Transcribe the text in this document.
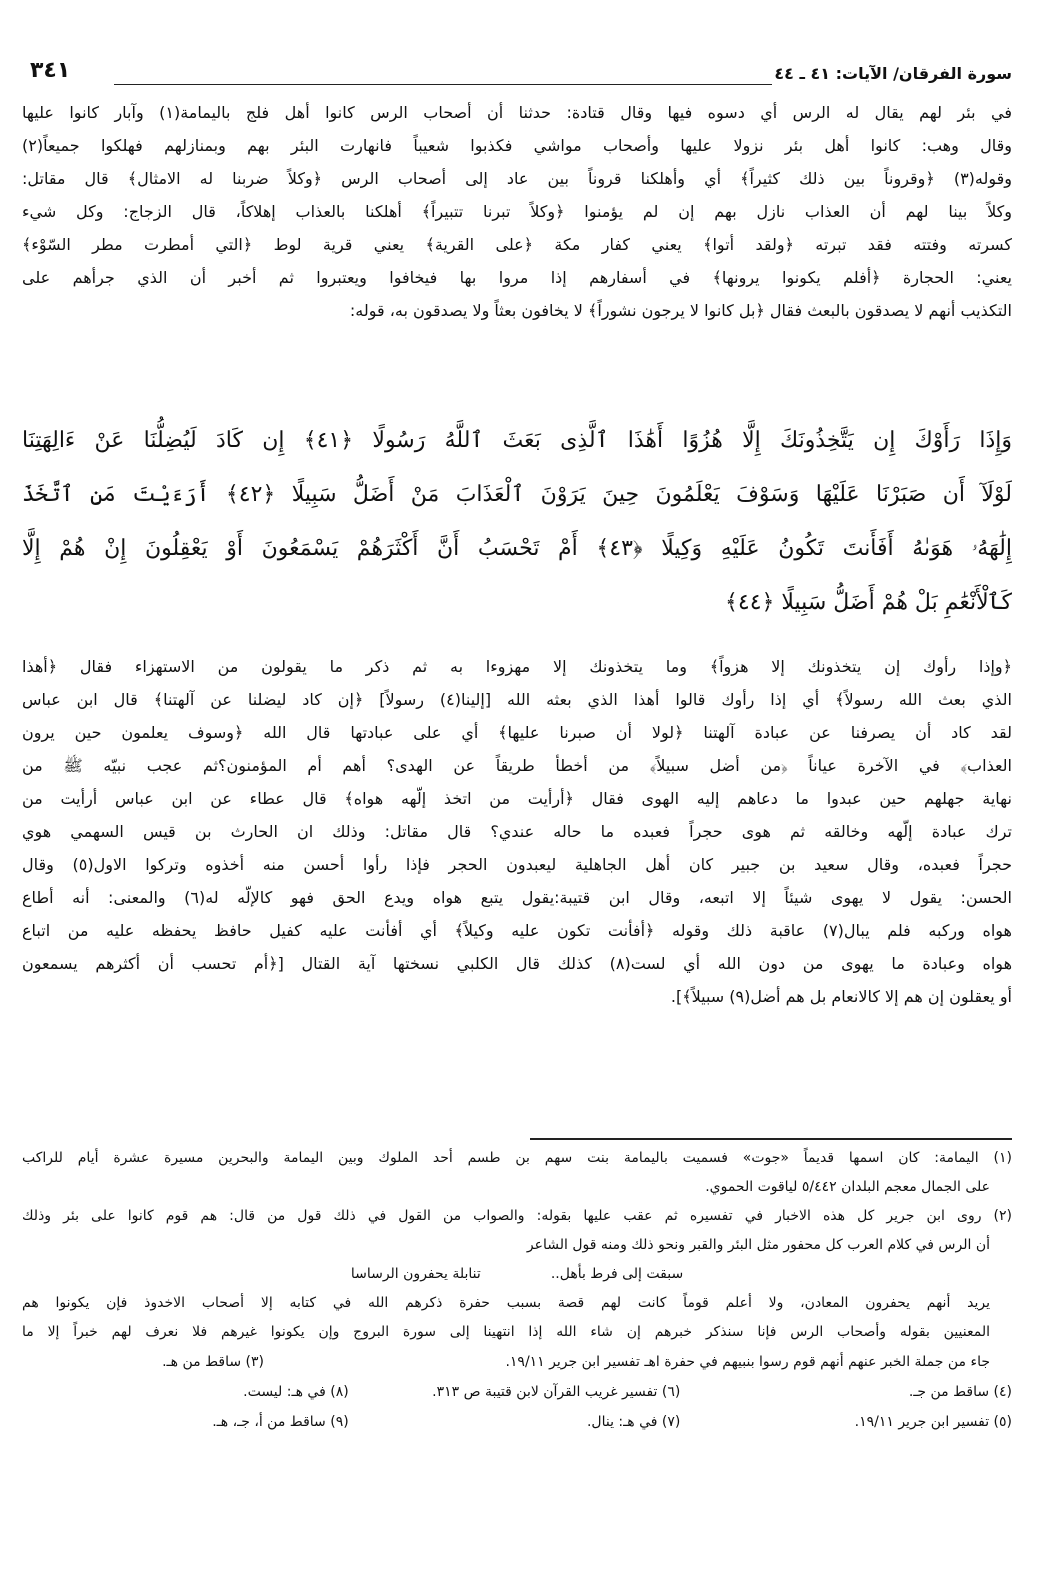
٣٤١	سورة الفرقان/ الآيات: ٤١ ـ ٤٤
في بئر لهم يقال له الرس أي دسوه فيها وقال قتادة: حدثنا أن أصحاب الرس كانوا أهل فلج باليمامة(١) وآبار كانوا عليها
وقال وهب: كانوا أهل بئر نزولا عليها وأصحاب مواشي فكذبوا شعيباً فانهارت البئر بهم وبمنازلهم فهلكوا جميعاً(٢)
وقوله(٣) ﴿وقروناً بين ذلك كثيراً﴾ أي وأهلكنا قروناً بين عاد إلى أصحاب الرس ﴿وكلاً ضربنا له الامثال﴾ قال مقاتل:
وكلاً بينا لهم أن العذاب نازل بهم إن لم يؤمنوا ﴿وكلاً تبرنا تتبيراً﴾ أهلكنا بالعذاب إهلاكاً، قال الزجاج: وكل شيء
كسرته وفتته فقد تبرته ﴿ولقد أتوا﴾ يعني كفار مكة ﴿على القرية﴾ يعني قرية لوط ﴿التي أمطرت مطر السّوْء﴾
يعني: الحجارة ﴿أفلم يكونوا يرونها﴾ في أسفارهم إذا مروا بها فيخافوا ويعتبروا ثم أخبر أن الذي جرأهم على
التكذيب أنهم لا يصدقون بالبعث فقال ﴿بل كانوا لا يرجون نشوراً﴾ لا يخافون بعثاً ولا يصدقون به، قوله:
وَإِذَا رَأَوْكَ إِن يَتَّخِذُونَكَ إِلَّا هُزُوًا أَهَٰذَا ٱلَّذِى بَعَثَ ٱللَّهُ رَسُولًا ﴿٤١﴾ إِن كَادَ لَيُضِلُّنَا عَنْ ءَالِهَتِنَا
لَوْلَآ أَن صَبَرْنَا عَلَيْهَا وَسَوْفَ يَعْلَمُونَ حِينَ يَرَوْنَ ٱلْعَذَابَ مَنْ أَضَلُّ سَبِيلًا ﴿٤٢﴾ أَرَءَيْتَ مَنِ ٱتَّخَذَ
إِلَٰهَهُۥ هَوَىٰهُ أَفَأَنتَ تَكُونُ عَلَيْهِ وَكِيلًا ﴿٤٣﴾ أَمْ تَحْسَبُ أَنَّ أَكْثَرَهُمْ يَسْمَعُونَ أَوْ يَعْقِلُونَ إِنْ هُمْ إِلَّا
كَٱلْأَنْعَٰمِ بَلْ هُمْ أَضَلُّ سَبِيلًا ﴿٤٤﴾
﴿وإذا رأوك إن يتخذونك إلا هزواً﴾ وما يتخذونك إلا مهزوءا به ثم ذكر ما يقولون من الاستهزاء فقال ﴿أهذا
الذي بعث الله رسولاً﴾ أي إذا رأوك قالوا أهذا الذي بعثه الله [إلينا(٤) رسولاً] ﴿إن كاد ليضلنا عن آلهتنا﴾ قال ابن عباس
لقد كاد أن يصرفنا عن عبادة آلهتنا ﴿لولا أن صبرنا عليها﴾ أي على عبادتها قال الله ﴿وسوف يعلمون حين يرون
العذاب﴾ في الآخرة عياناً ﴿من أضل سبيلاً﴾ من أخطأ طريقاً عن الهدى؟ أهم أم المؤمنون؟ثم عجب نبيّه ﷺ من
نهاية جهلهم حين عبدوا ما دعاهم إليه الهوى فقال ﴿أرأيت من اتخذ إلّهه هواه﴾ قال عطاء عن ابن عباس أرأيت من
ترك عبادة إلّهه وخالقه ثم هوى حجراً فعبده ما حاله عندي؟ قال مقاتل: وذلك ان الحارث بن قيس السهمي هوي
حجراً فعبده، وقال سعيد بن جبير كان أهل الجاهلية ليعبدون الحجر فإذا رأوا أحسن منه أخذوه وتركوا الاول(٥) وقال
الحسن: يقول لا يهوى شيئاً إلا اتبعه، وقال ابن قتيبة:يقول يتبع هواه ويدع الحق فهو كالإلّه له(٦) والمعنى: أنه أطاع
هواه وركبه فلم يبال(٧) عاقبة ذلك وقوله ﴿أفأنت تكون عليه وكيلاً﴾ أي أفأنت عليه كفيل حافظ يحفظه عليه من اتباع
هواه وعبادة ما يهوى من دون الله أي لست(٨) كذلك قال الكلبي نسختها آية القتال [﴿أم تحسب أن أكثرهم يسمعون
أو يعقلون إن هم إلا كالانعام بل هم أضل(٩) سبيلاً﴾].
(١) اليمامة: كان اسمها قديماً «جوت» فسميت باليمامة بنت سهم بن طسم أحد الملوك وبين اليمامة والبحرين مسيرة عشرة أيام للراكب
على الجمال معجم البلدان ٥/٤٤٢ لياقوت الحموي.
(٢) روى ابن جرير كل هذه الاخبار في تفسيره ثم عقب عليها بقوله: والصواب من القول في ذلك قول من قال: هم قوم كانوا على بئر وذلك
أن الرس في كلام العرب كل محفور مثل البئر والقبر ونحو ذلك ومنه قول الشاعر
سبقت إلى فرط بأهل..
تنابلة يحفرون الرساسا
يريد أنهم يحفرون المعادن، ولا أعلم قوماً كانت لهم قصة بسبب حفرة ذكرهم الله في كتابه إلا أصحاب الاخدوذ فإن يكونوا هم
المعنيين بقوله وأصحاب الرس فإنا سنذكر خبرهم إن شاء الله إذا انتهينا إلى سورة البروج وإن يكونوا غيرهم فلا نعرف لهم خبراً إلا ما
جاء من جملة الخبر عنهم أنهم قوم رسوا بنبيهم في حفرة اهـ تفسير ابن جرير ١٩/١١.
(٣) ساقط من هـ.
(٤) ساقط من جـ.
(٦) تفسير غريب القرآن لابن قتيبة ص ٣١٣.
(٨) في هـ: ليست.
(٥) تفسير ابن جرير ١٩/١١.
(٧) في هـ: ينال.
(٩) ساقط من أ، جـ، هـ.
